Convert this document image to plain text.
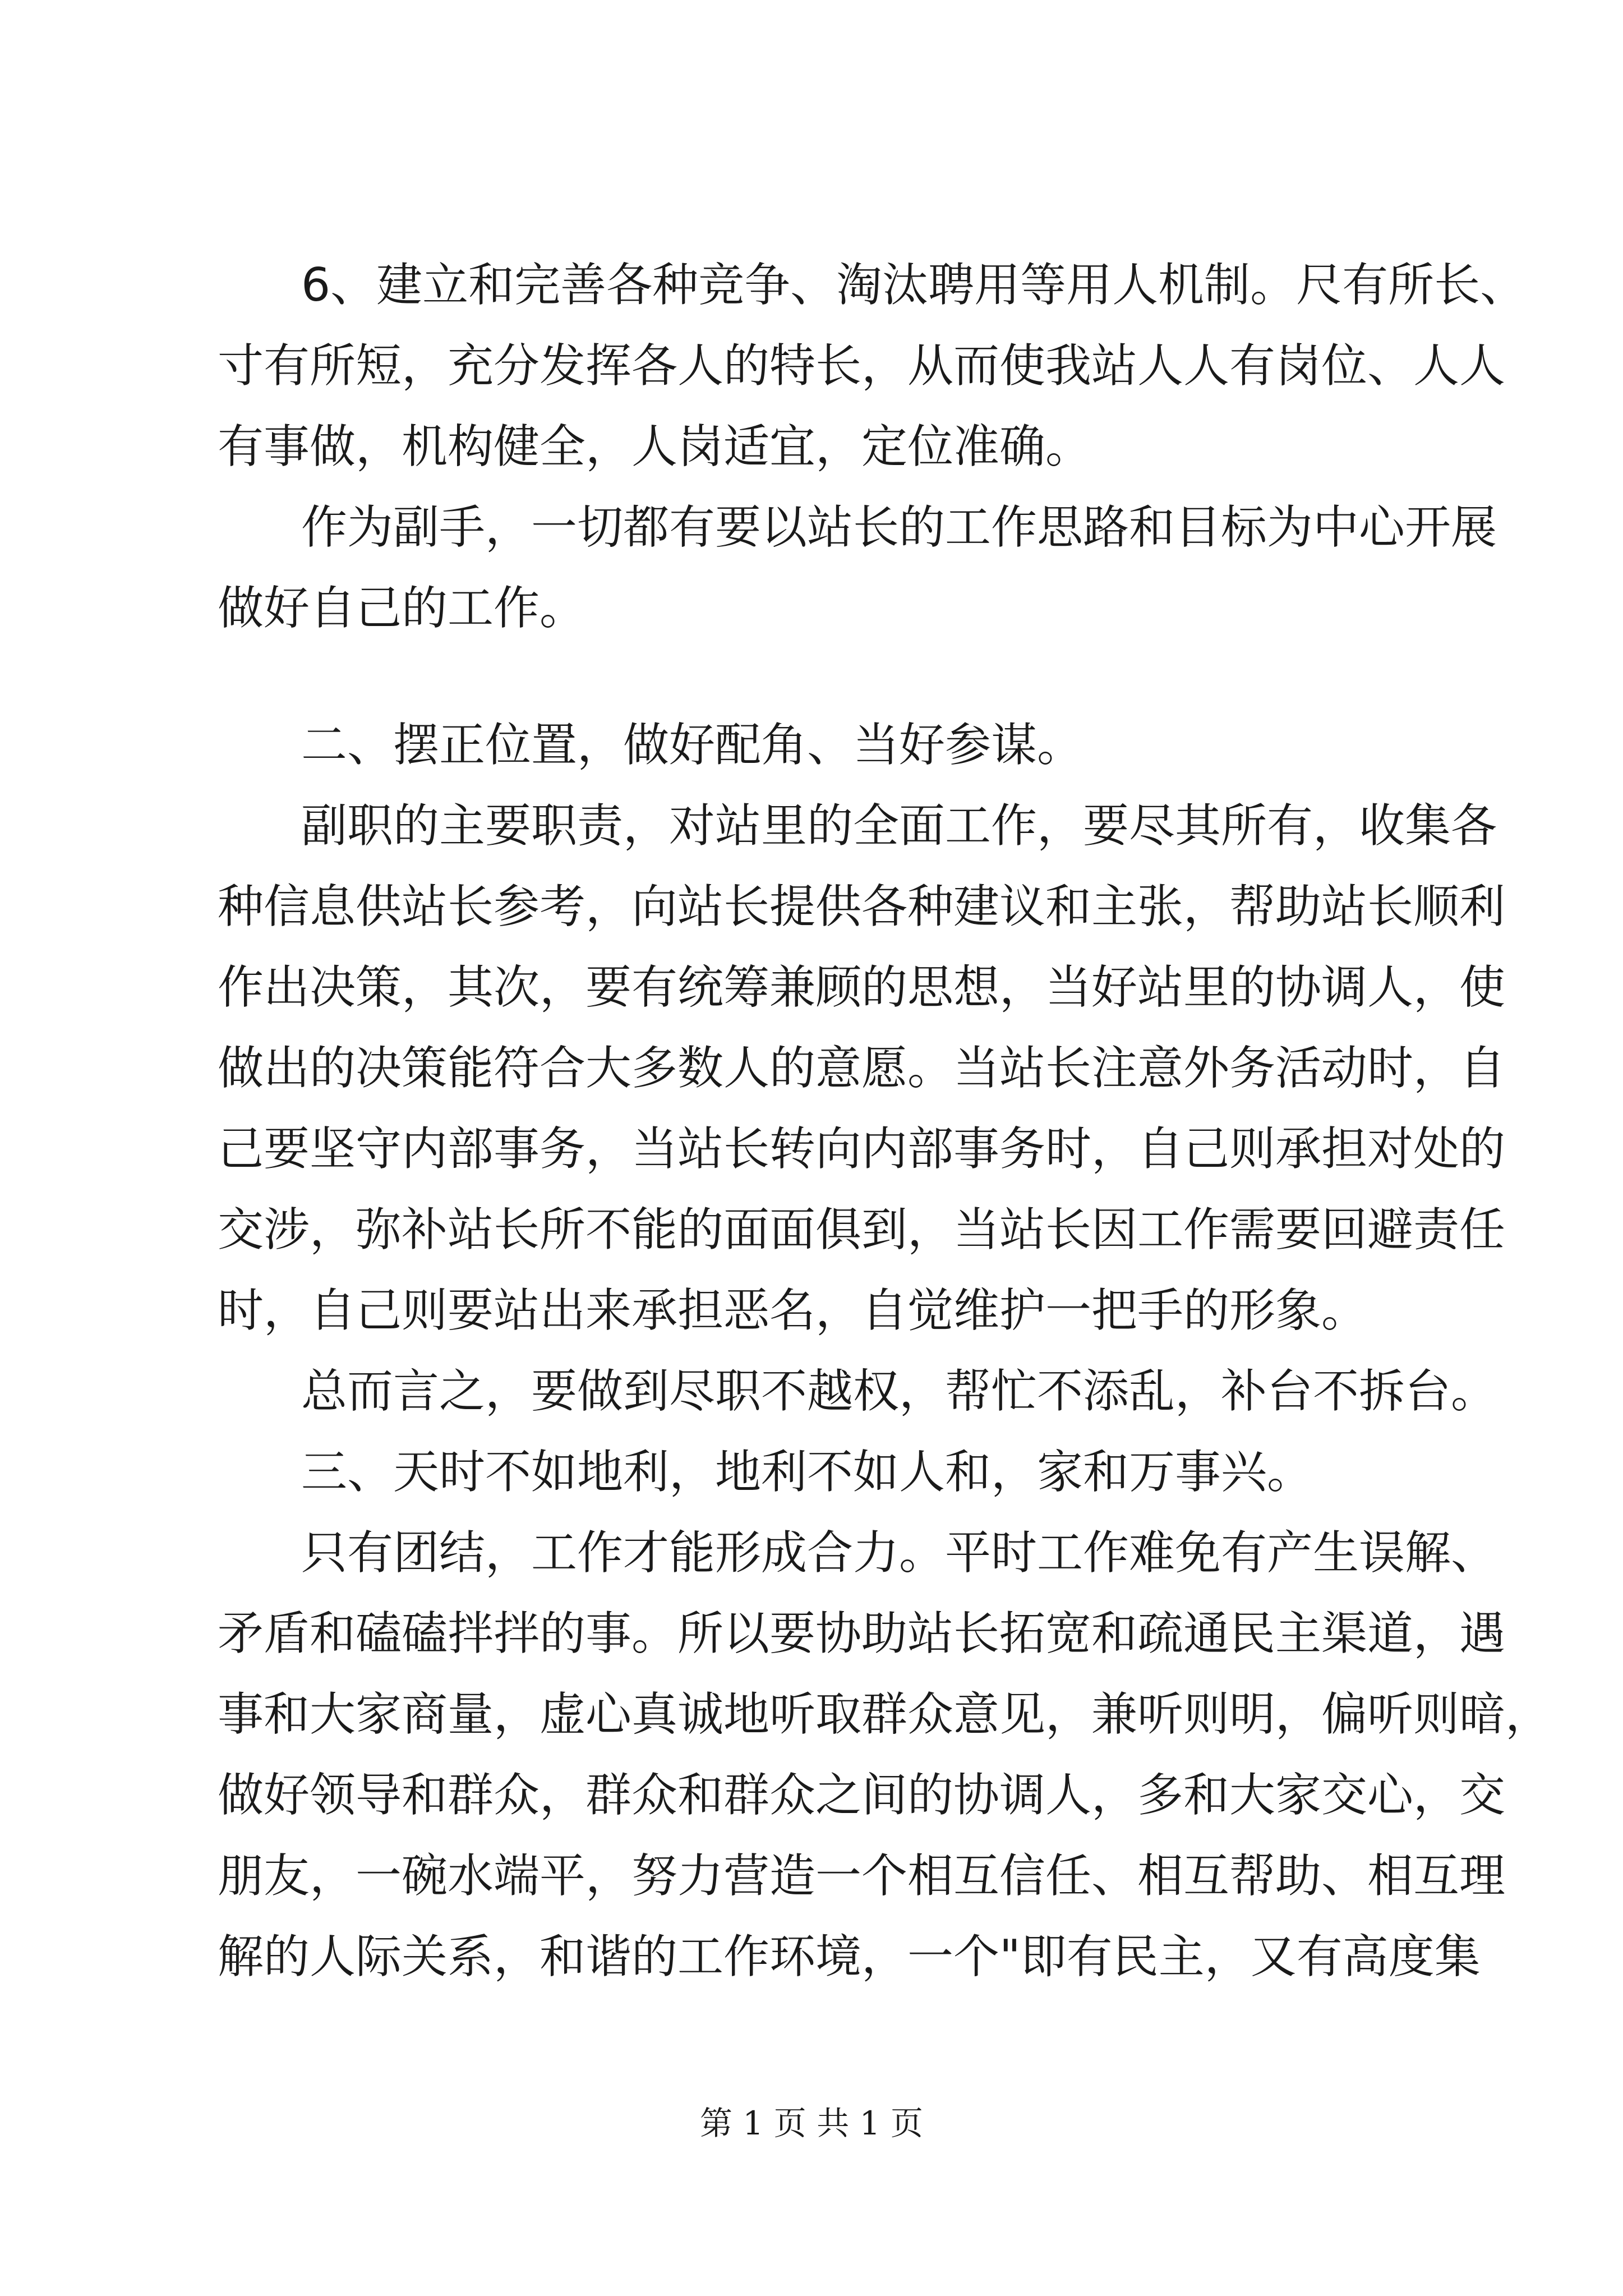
6、建立和完善各种竞争、淘汰聘用等用人机制。尺有所长、
寸有所短，充分发挥各人的特长，从而使我站人人有岗位、人人
有事做，机构健全，人岗适宜，定位准确。
作为副手，一切都有要以站长的工作思路和目标为中心开展
做好自己的工作。
二、摆正位置，做好配角、当好参谋。
副职的主要职责，对站里的全面工作，要尽其所有，收集各
种信息供站长参考，向站长提供各种建议和主张，帮助站长顺利
作出决策，其次，要有统筹兼顾的思想，当好站里的协调人，使
做出的决策能符合大多数人的意愿。当站长注意外务活动时，自
己要坚守内部事务，当站长转向内部事务时，自己则承担对处的
交涉，弥补站长所不能的面面俱到，当站长因工作需要回避责任
时，自己则要站出来承担恶名，自觉维护一把手的形象。
总而言之，要做到尽职不越权，帮忙不添乱，补台不拆台。
三、天时不如地利，地利不如人和，家和万事兴。
只有团结，工作才能形成合力。平时工作难免有产生误解、
矛盾和磕磕拌拌的事。所以要协助站长拓宽和疏通民主渠道，遇
事和大家商量，虚心真诚地听取群众意见，兼听则明，偏听则暗，
做好领导和群众，群众和群众之间的协调人，多和大家交心，交
朋友，一碗水端平，努力营造一个相互信任、相互帮助、相互理
解的人际关系，和谐的工作环境，一个"即有民主，又有高度集
第 1 页 共 1 页
